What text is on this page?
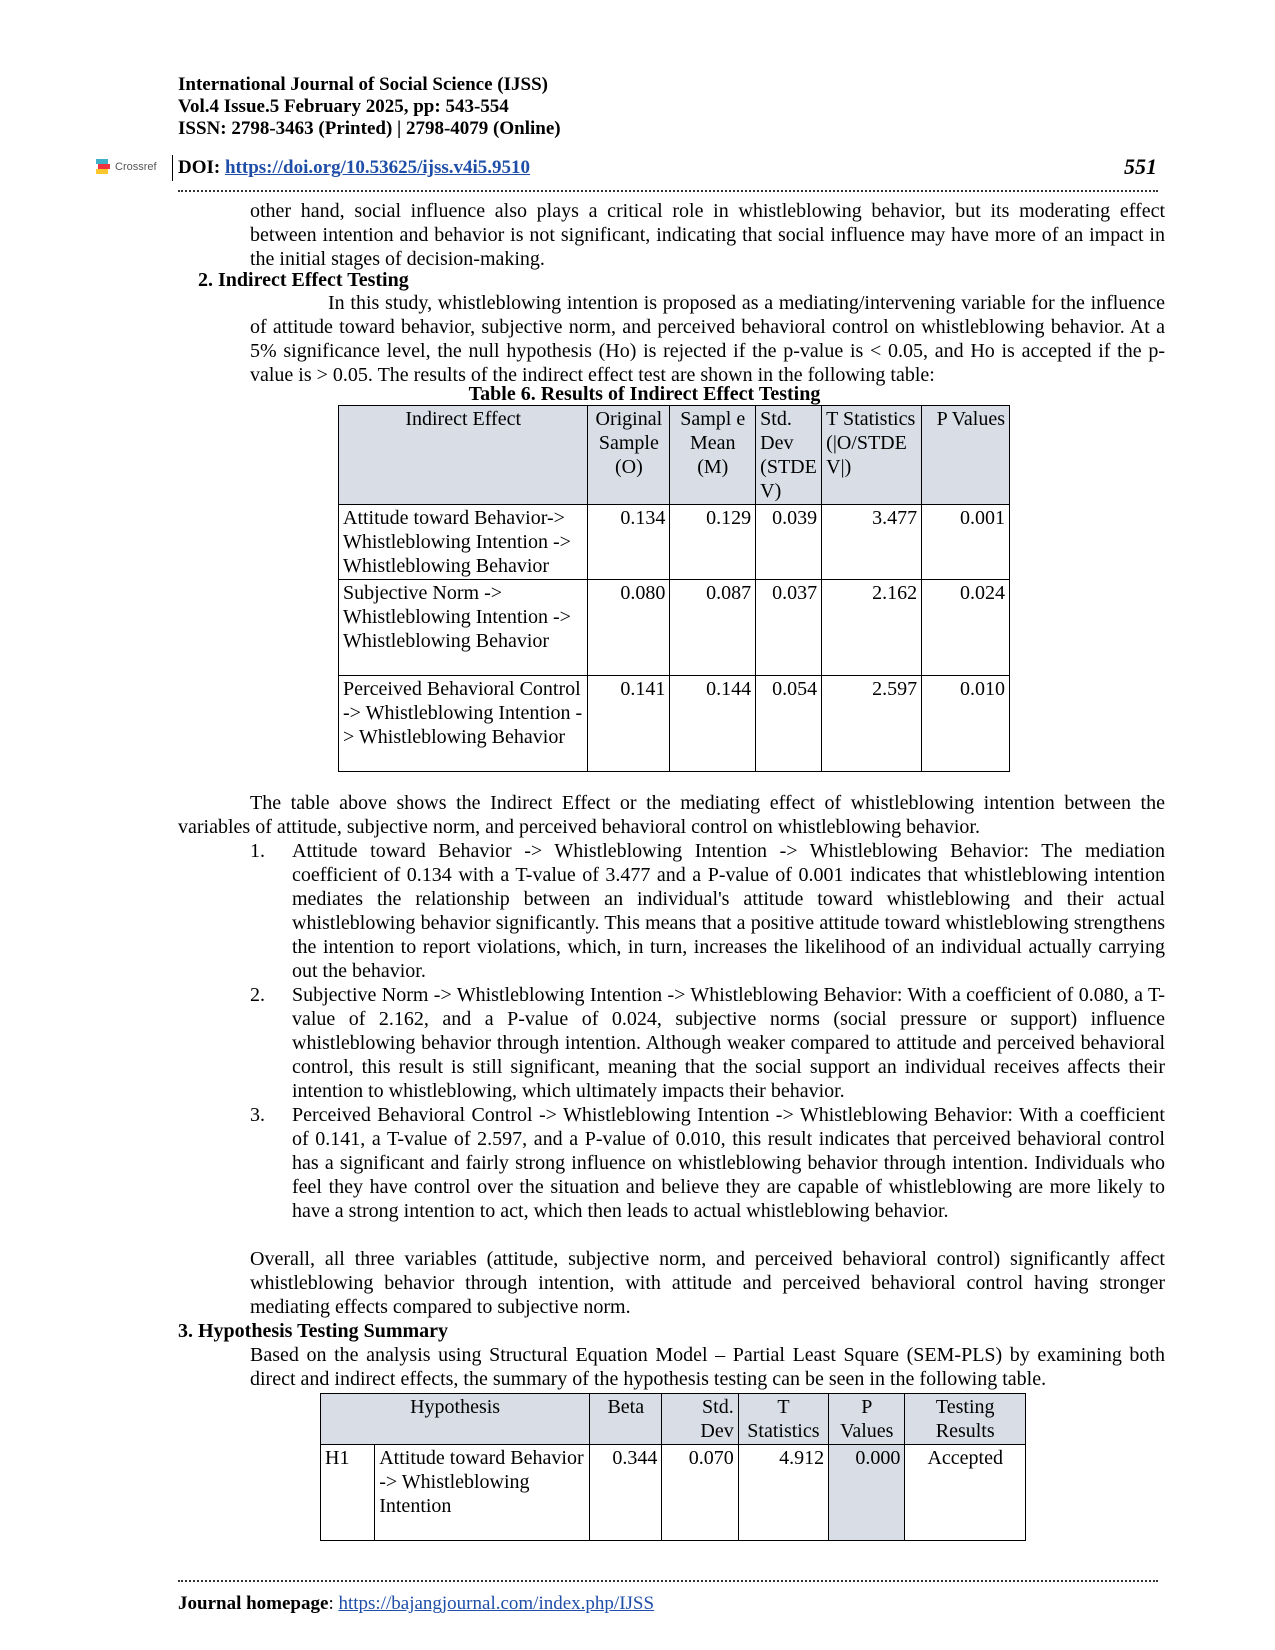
International Journal of Social Science (IJSS)
Vol.4 Issue.5 February 2025, pp: 543-554
ISSN: 2798-3463 (Printed) | 2798-4079 (Online)
Crossref DOI: https://doi.org/10.53625/ijss.v4i5.9510	551
other hand, social influence also plays a critical role in whistleblowing behavior, but its moderating effect between intention and behavior is not significant, indicating that social influence may have more of an impact in the initial stages of decision-making.
2. Indirect Effect Testing
In this study, whistleblowing intention is proposed as a mediating/intervening variable for the influence of attitude toward behavior, subjective norm, and perceived behavioral control on whistleblowing behavior. At a 5% significance level, the null hypothesis (Ho) is rejected if the p-value is < 0.05, and Ho is accepted if the p-value is > 0.05. The results of the indirect effect test are shown in the following table:
Table 6. Results of Indirect Effect Testing
Indirect Effect	Original Sample (O)	Sampl e Mean (M)	Std. Dev (STDE V)	T Statistics (|O/STDE V|)	P Values
Attitude toward Behavior-> Whistleblowing Intention -> Whistleblowing Behavior	0.134	0.129	0.039	3.477	0.001
Subjective Norm -> Whistleblowing Intention -> Whistleblowing Behavior	0.080	0.087	0.037	2.162	0.024
Perceived Behavioral Control -> Whistleblowing Intention -> Whistleblowing Behavior	0.141	0.144	0.054	2.597	0.010
The table above shows the Indirect Effect or the mediating effect of whistleblowing intention between the variables of attitude, subjective norm, and perceived behavioral control on whistleblowing behavior.
1.	Attitude toward Behavior -> Whistleblowing Intention -> Whistleblowing Behavior: The mediation coefficient of 0.134 with a T-value of 3.477 and a P-value of 0.001 indicates that whistleblowing intention mediates the relationship between an individual's attitude toward whistleblowing and their actual whistleblowing behavior significantly. This means that a positive attitude toward whistleblowing strengthens the intention to report violations, which, in turn, increases the likelihood of an individual actually carrying out the behavior.
2.	Subjective Norm -> Whistleblowing Intention -> Whistleblowing Behavior: With a coefficient of 0.080, a T-value of 2.162, and a P-value of 0.024, subjective norms (social pressure or support) influence whistleblowing behavior through intention. Although weaker compared to attitude and perceived behavioral control, this result is still significant, meaning that the social support an individual receives affects their intention to whistleblowing, which ultimately impacts their behavior.
3.	Perceived Behavioral Control -> Whistleblowing Intention -> Whistleblowing Behavior: With a coefficient of 0.141, a T-value of 2.597, and a P-value of 0.010, this result indicates that perceived behavioral control has a significant and fairly strong influence on whistleblowing behavior through intention. Individuals who feel they have control over the situation and believe they are capable of whistleblowing are more likely to have a strong intention to act, which then leads to actual whistleblowing behavior.
Overall, all three variables (attitude, subjective norm, and perceived behavioral control) significantly affect whistleblowing behavior through intention, with attitude and perceived behavioral control having stronger mediating effects compared to subjective norm.
3. Hypothesis Testing Summary
Based on the analysis using Structural Equation Model – Partial Least Square (SEM-PLS) by examining both direct and indirect effects, the summary of the hypothesis testing can be seen in the following table.
Hypothesis		Beta	Std. Dev	T Statistics	P Values	Testing Results
H1	Attitude toward Behavior -> Whistleblowing Intention	0.344	0.070	4.912	0.000	Accepted
Journal homepage: https://bajangjournal.com/index.php/IJSS
